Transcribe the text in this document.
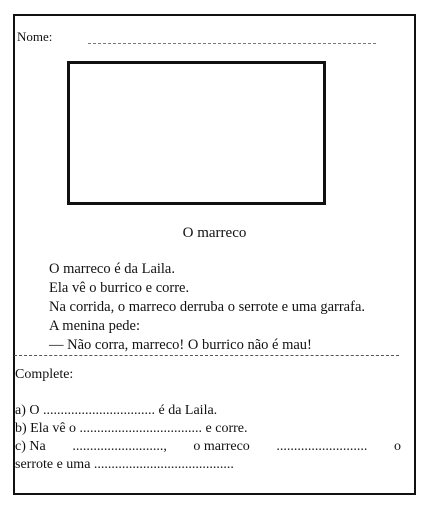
Nome:
O marreco
O marreco é da Laila.
Ela vê o burrico e corre.
Na corrida, o marreco derruba o serrote e uma garrafa.
A menina pede:
— Não corra, marreco! O burrico não é mau!
Complete:
a) O ................................ é da Laila.
b) Ela vê o ................................... e corre.
c) Na .........................., o marreco .......................... o
serrote e uma ........................................
